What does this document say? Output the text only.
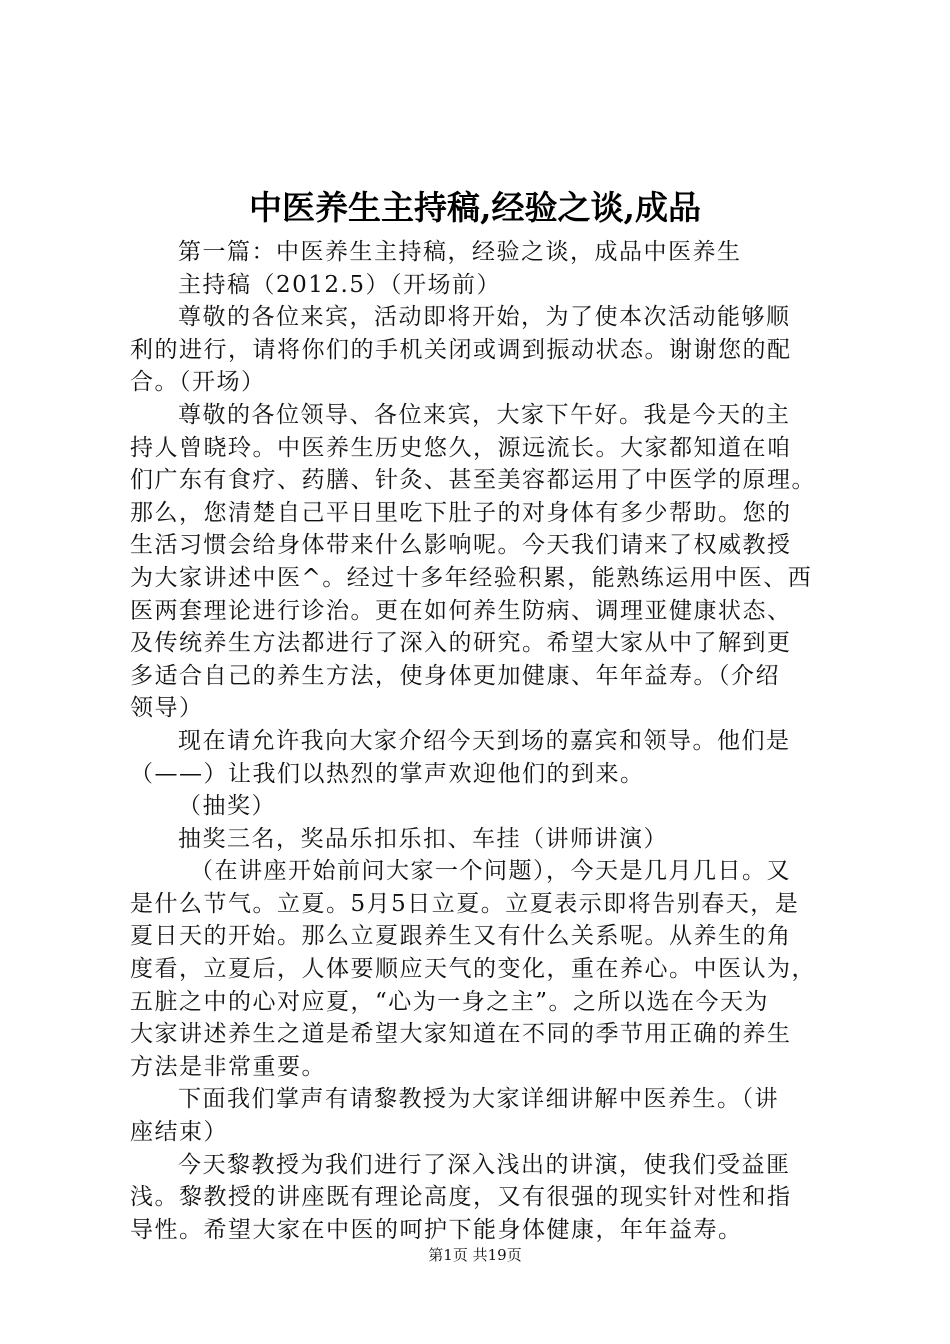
中医养生主持稿,经验之谈,成品
第一篇：中医养生主持稿，经验之谈，成品中医养生
主持稿（2012.5）（开场前）
尊敬的各位来宾，活动即将开始，为了使本次活动能够顺
利的进行，请将你们的手机关闭或调到振动状态。谢谢您的配
合。（开场）
尊敬的各位领导、各位来宾，大家下午好。我是今天的主
持人曾晓玲。中医养生历史悠久，源远流长。大家都知道在咱
们广东有食疗、药膳、针灸、甚至美容都运用了中医学的原理。
那么，您清楚自己平日里吃下肚子的对身体有多少帮助。您的
生活习惯会给身体带来什么影响呢。今天我们请来了权威教授
为大家讲述中医^。经过十多年经验积累，能熟练运用中医、西
医两套理论进行诊治。更在如何养生防病、调理亚健康状态、
及传统养生方法都进行了深入的研究。希望大家从中了解到更
多适合自己的养生方法，使身体更加健康、年年益寿。（介绍
领导）
现在请允许我向大家介绍今天到场的嘉宾和领导。他们是
（——）让我们以热烈的掌声欢迎他们的到来。
（抽奖）
抽奖三名，奖品乐扣乐扣、车挂（讲师讲演）
（在讲座开始前问大家一个问题），今天是几月几日。又
是什么节气。立夏。5月5日立夏。立夏表示即将告别春天，是
夏日天的开始。那么立夏跟养生又有什么关系呢。从养生的角
度看，立夏后，人体要顺应天气的变化，重在养心。中医认为，
五脏之中的心对应夏，“心为一身之主”。之所以选在今天为
大家讲述养生之道是希望大家知道在不同的季节用正确的养生
方法是非常重要。
下面我们掌声有请黎教授为大家详细讲解中医养生。（讲
座结束）
今天黎教授为我们进行了深入浅出的讲演，使我们受益匪
浅。黎教授的讲座既有理论高度，又有很强的现实针对性和指
导性。希望大家在中医的呵护下能身体健康，年年益寿。
第1页 共19页
